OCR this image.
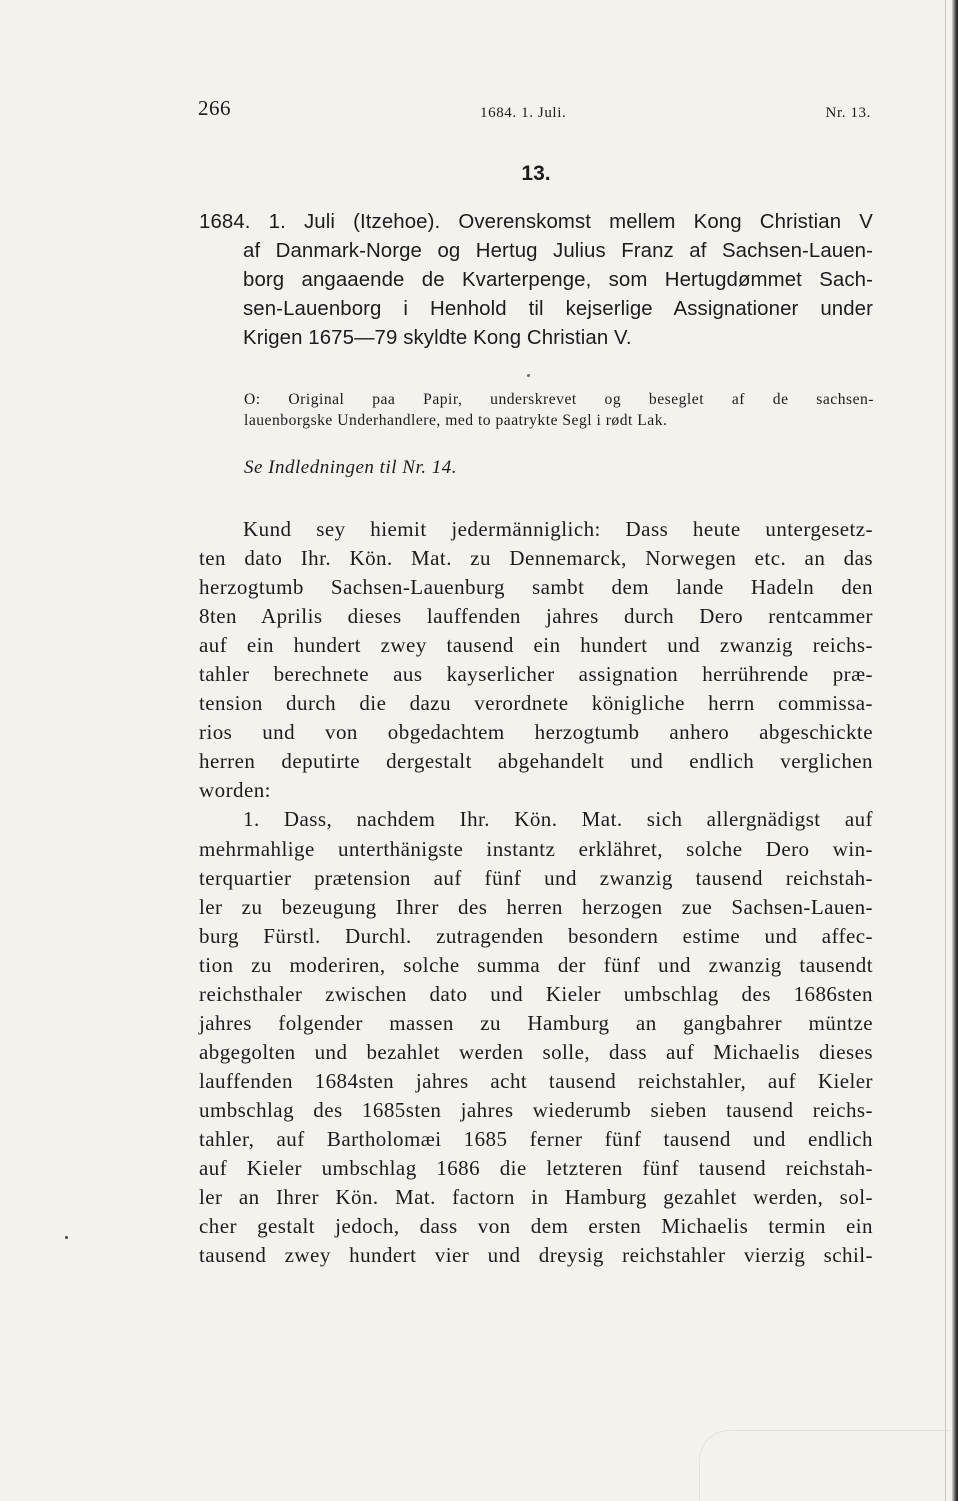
266	1684. 1. Juli.	Nr. 13.
13.
1684. 1. Juli (Itzehoe). Overenskomst mellem Kong Christian V
af Danmark-Norge og Hertug Julius Franz af Sachsen-Lauen-
borg angaaende de Kvarterpenge, som Hertugdømmet Sach-
sen-Lauenborg i Henhold til kejserlige Assignationer under
Krigen 1675—79 skyldte Kong Christian V.
O: Original paa Papir, underskrevet og beseglet af de sachsen-
lauenborgske Underhandlere, med to paatrykte Segl i rødt Lak.
Se Indledningen til Nr. 14.
Kund sey hiemit jedermänniglich: Dass heute untergesetz-
ten dato Ihr. Kön. Mat. zu Dennemarck, Norwegen etc. an das
herzogtumb Sachsen-Lauenburg sambt dem lande Hadeln den
8ten Aprilis dieses lauffenden jahres durch Dero rentcammer
auf ein hundert zwey tausend ein hundert und zwanzig reichs-
tahler berechnete aus kayserlicher assignation herrührende præ-
tension durch die dazu verordnete königliche herrn commissa-
rios und von obgedachtem herzogtumb anhero abgeschickte
herren deputirte dergestalt abgehandelt und endlich verglichen
worden:
1. Dass, nachdem Ihr. Kön. Mat. sich allergnädigst auf
mehrmahlige unterthänigste instantz erklähret, solche Dero win-
terquartier prætension auf fünf und zwanzig tausend reichstah-
ler zu bezeugung Ihrer des herren herzogen zue Sachsen-Lauen-
burg Fürstl. Durchl. zutragenden besondern estime und affec-
tion zu moderiren, solche summa der fünf und zwanzig tausendt
reichsthaler zwischen dato und Kieler umbschlag des 1686sten
jahres folgender massen zu Hamburg an gangbahrer müntze
abgegolten und bezahlet werden solle, dass auf Michaelis dieses
lauffenden 1684sten jahres acht tausend reichstahler, auf Kieler
umbschlag des 1685sten jahres wiederumb sieben tausend reichs-
tahler, auf Bartholomæi 1685 ferner fünf tausend und endlich
auf Kieler umbschlag 1686 die letzteren fünf tausend reichstah-
ler an Ihrer Kön. Mat. factorn in Hamburg gezahlet werden, sol-
cher gestalt jedoch, dass von dem ersten Michaelis termin ein
tausend zwey hundert vier und dreysig reichstahler vierzig schil-
